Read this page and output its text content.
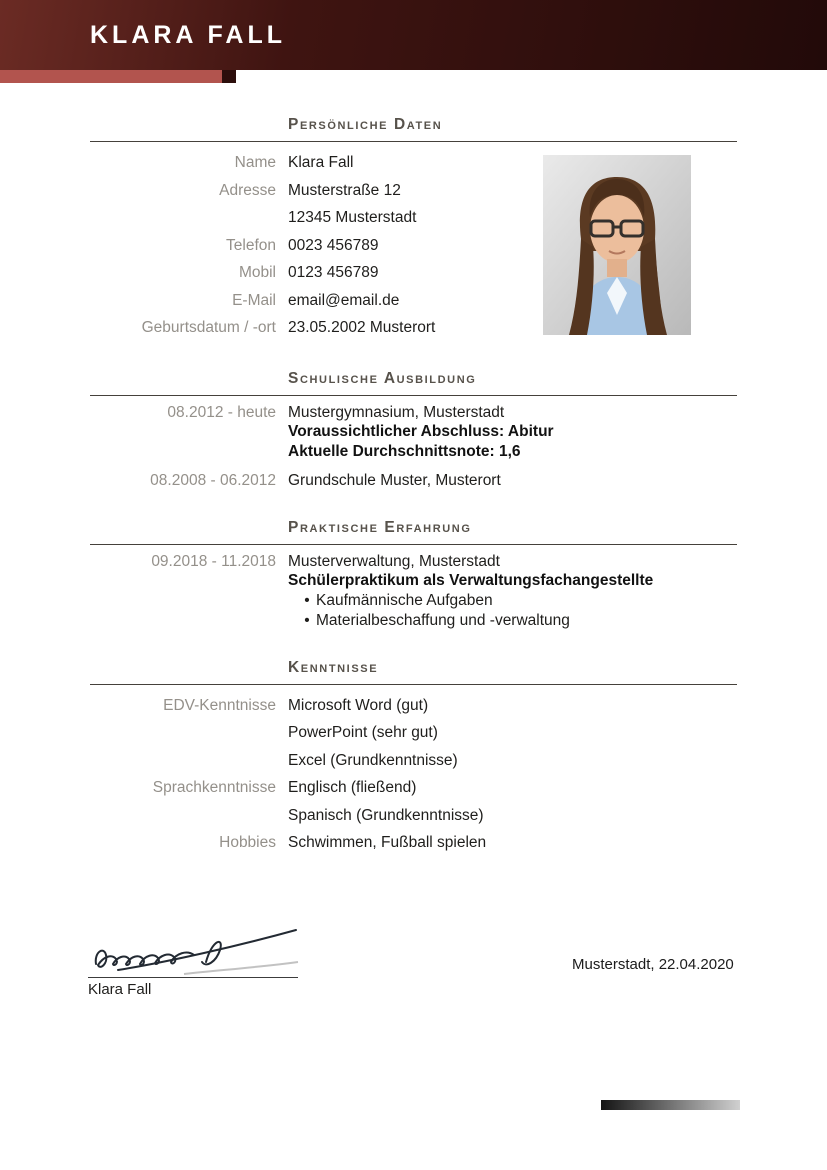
KLARA FALL
Persönliche Daten
Name Klara Fall
Adresse Musterstraße 12
12345 Musterstadt
Telefon 0023 456789
Mobil 0123 456789
E-Mail email@email.de
Geburtsdatum / -ort 23.05.2002 Musterort
Schulische Ausbildung
08.2012 - heute Mustergymnasium, Musterstadt
Voraussichtlicher Abschluss: Abitur
Aktuelle Durchschnittsnote: 1,6
08.2008 - 06.2012 Grundschule Muster, Musterort
Praktische Erfahrung
09.2018 - 11.2018 Musterverwaltung, Musterstadt
Schülerpraktikum als Verwaltungsfachangestellte
• Kaufmännische Aufgaben
• Materialbeschaffung und -verwaltung
Kenntnisse
EDV-Kenntnisse Microsoft Word (gut)
PowerPoint (sehr gut)
Excel (Grundkenntnisse)
Sprachkenntnisse Englisch (fließend)
Spanisch (Grundkenntnisse)
Hobbies Schwimmen, Fußball spielen
Klara Fall
Musterstadt, 22.04.2020
